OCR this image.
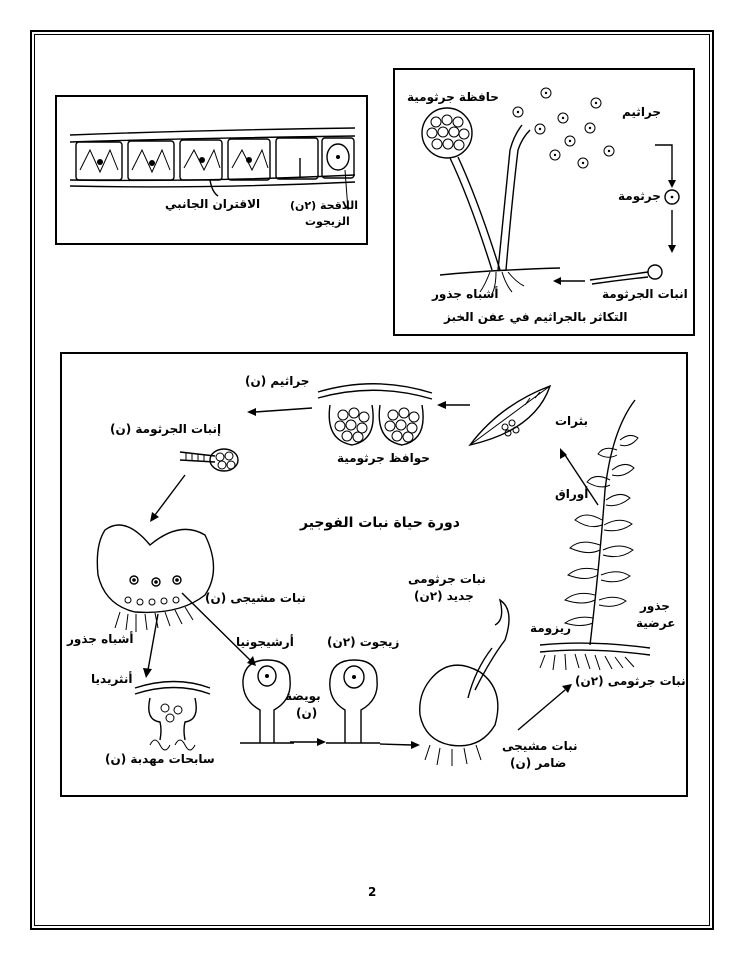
الاقتران الجانبي	اللاقحة (٢ن)
الزيجوت
حافظة جرثومية
جراثيم
جرثومة
انبات الجرثومة
أشباه جذور
التكاثر بالجراثيم في عفن الخبز
دورة حياة نبات الفوجير
جراثيم (ن)
حوافظ جرثومية
بثرات
إنبات الجرثومة (ن)
أوراق
نبات مشيجى (ن)
أشباه جذور
أنثريديا
أرشيجونيا	زيجوت (٢ن)
نبات جرثومى
جديد (٢ن)
ريزومة
جذور
عرضية
نبات جرثومى (٢ن)
بويضة
(ن)
سابحات مهدبة (ن)
نبات مشيجى
ضامر (ن)
2
